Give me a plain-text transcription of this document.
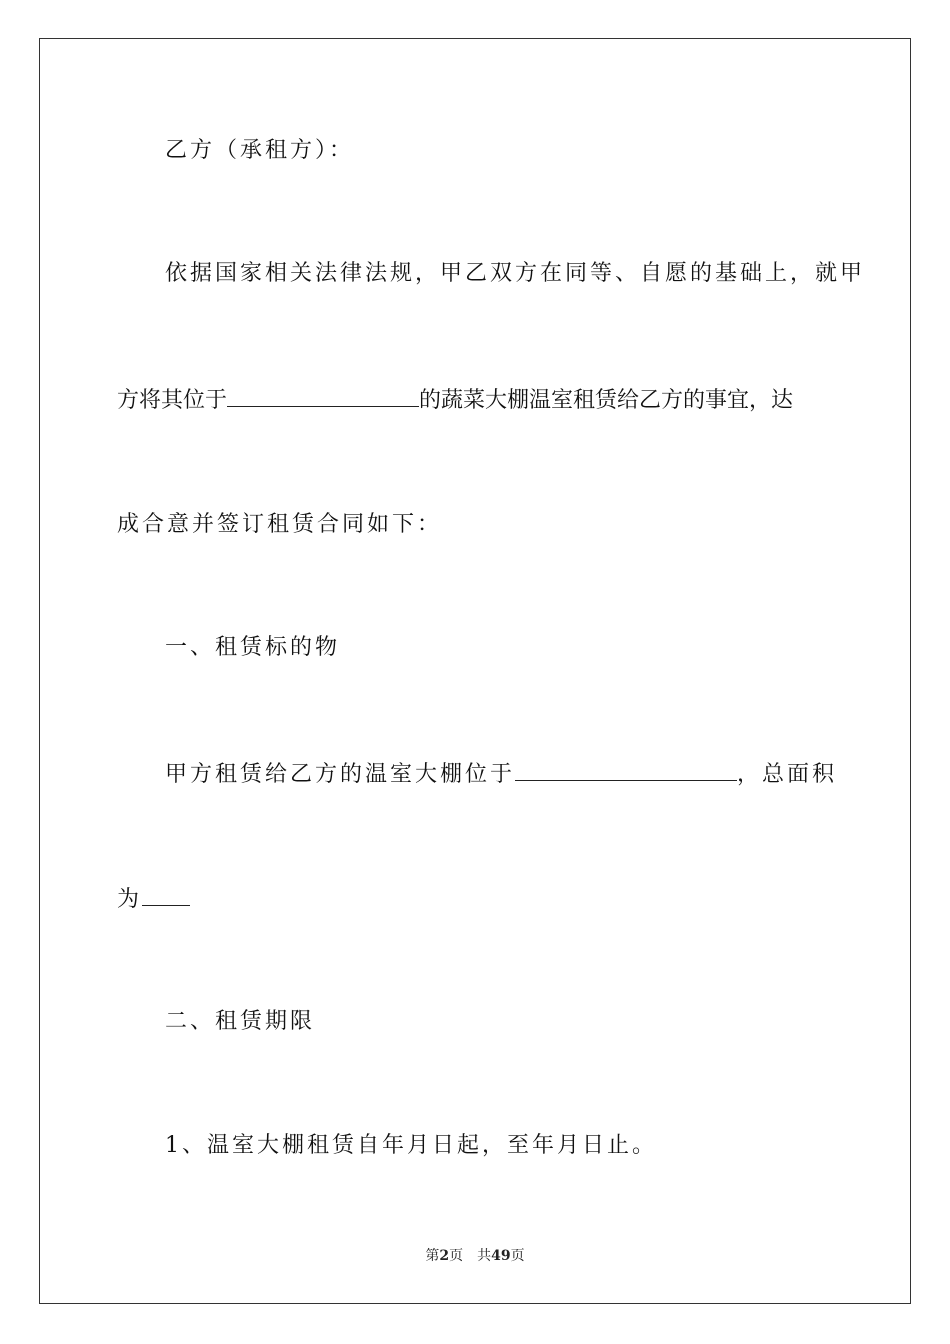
乙方（承租方）：
依据国家相关法律法规，甲乙双方在同等、自愿的基础上，就甲
方将其位于	的蔬菜大棚温室租赁给乙方的事宜，达
成合意并签订租赁合同如下：
一、租赁标的物
甲方租赁给乙方的温室大棚位于	，总面积
为
二、租赁期限
1、温室大棚租赁自年月日起，至年月日止。
第2页 共49页
